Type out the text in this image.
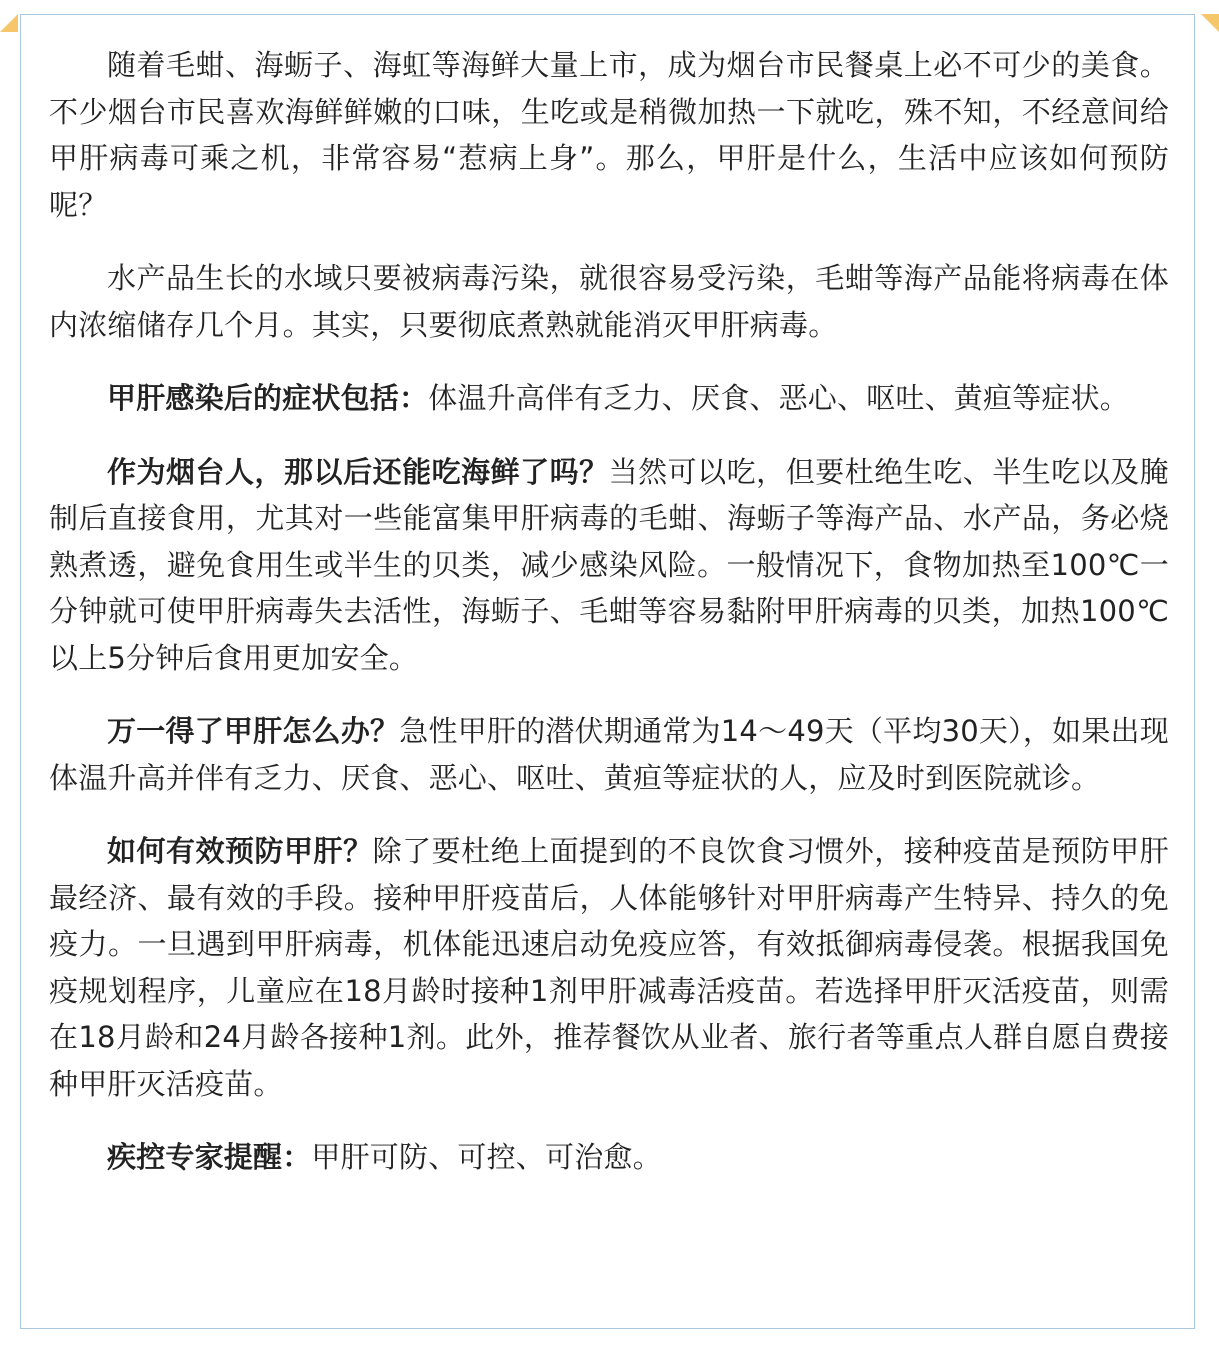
随着毛蚶、海蛎子、海虹等海鲜大量上市，成为烟台市民餐桌上必不可少的美食。不少烟台市民喜欢海鲜鲜嫩的口味，生吃或是稍微加热一下就吃，殊不知，不经意间给甲肝病毒可乘之机，非常容易“惹病上身”。那么，甲肝是什么，生活中应该如何预防呢？

水产品生长的水域只要被病毒污染，就很容易受污染，毛蚶等海产品能将病毒在体内浓缩储存几个月。其实，只要彻底煮熟就能消灭甲肝病毒。

甲肝感染后的症状包括：体温升高伴有乏力、厌食、恶心、呕吐、黄疸等症状。

作为烟台人，那以后还能吃海鲜了吗？当然可以吃，但要杜绝生吃、半生吃以及腌制后直接食用，尤其对一些能富集甲肝病毒的毛蚶、海蛎子等海产品、水产品，务必烧熟煮透，避免食用生或半生的贝类，减少感染风险。一般情况下，食物加热至100℃一分钟就可使甲肝病毒失去活性，海蛎子、毛蚶等容易黏附甲肝病毒的贝类，加热100℃以上5分钟后食用更加安全。

万一得了甲肝怎么办？急性甲肝的潜伏期通常为14～49天（平均30天），如果出现体温升高并伴有乏力、厌食、恶心、呕吐、黄疸等症状的人，应及时到医院就诊。

如何有效预防甲肝？除了要杜绝上面提到的不良饮食习惯外，接种疫苗是预防甲肝最经济、最有效的手段。接种甲肝疫苗后，人体能够针对甲肝病毒产生特异、持久的免疫力。一旦遇到甲肝病毒，机体能迅速启动免疫应答，有效抵御病毒侵袭。根据我国免疫规划程序，儿童应在18月龄时接种1剂甲肝减毒活疫苗。若选择甲肝灭活疫苗，则需在18月龄和24月龄各接种1剂。此外，推荐餐饮从业者、旅行者等重点人群自愿自费接种甲肝灭活疫苗。

疾控专家提醒：甲肝可防、可控、可治愈。
